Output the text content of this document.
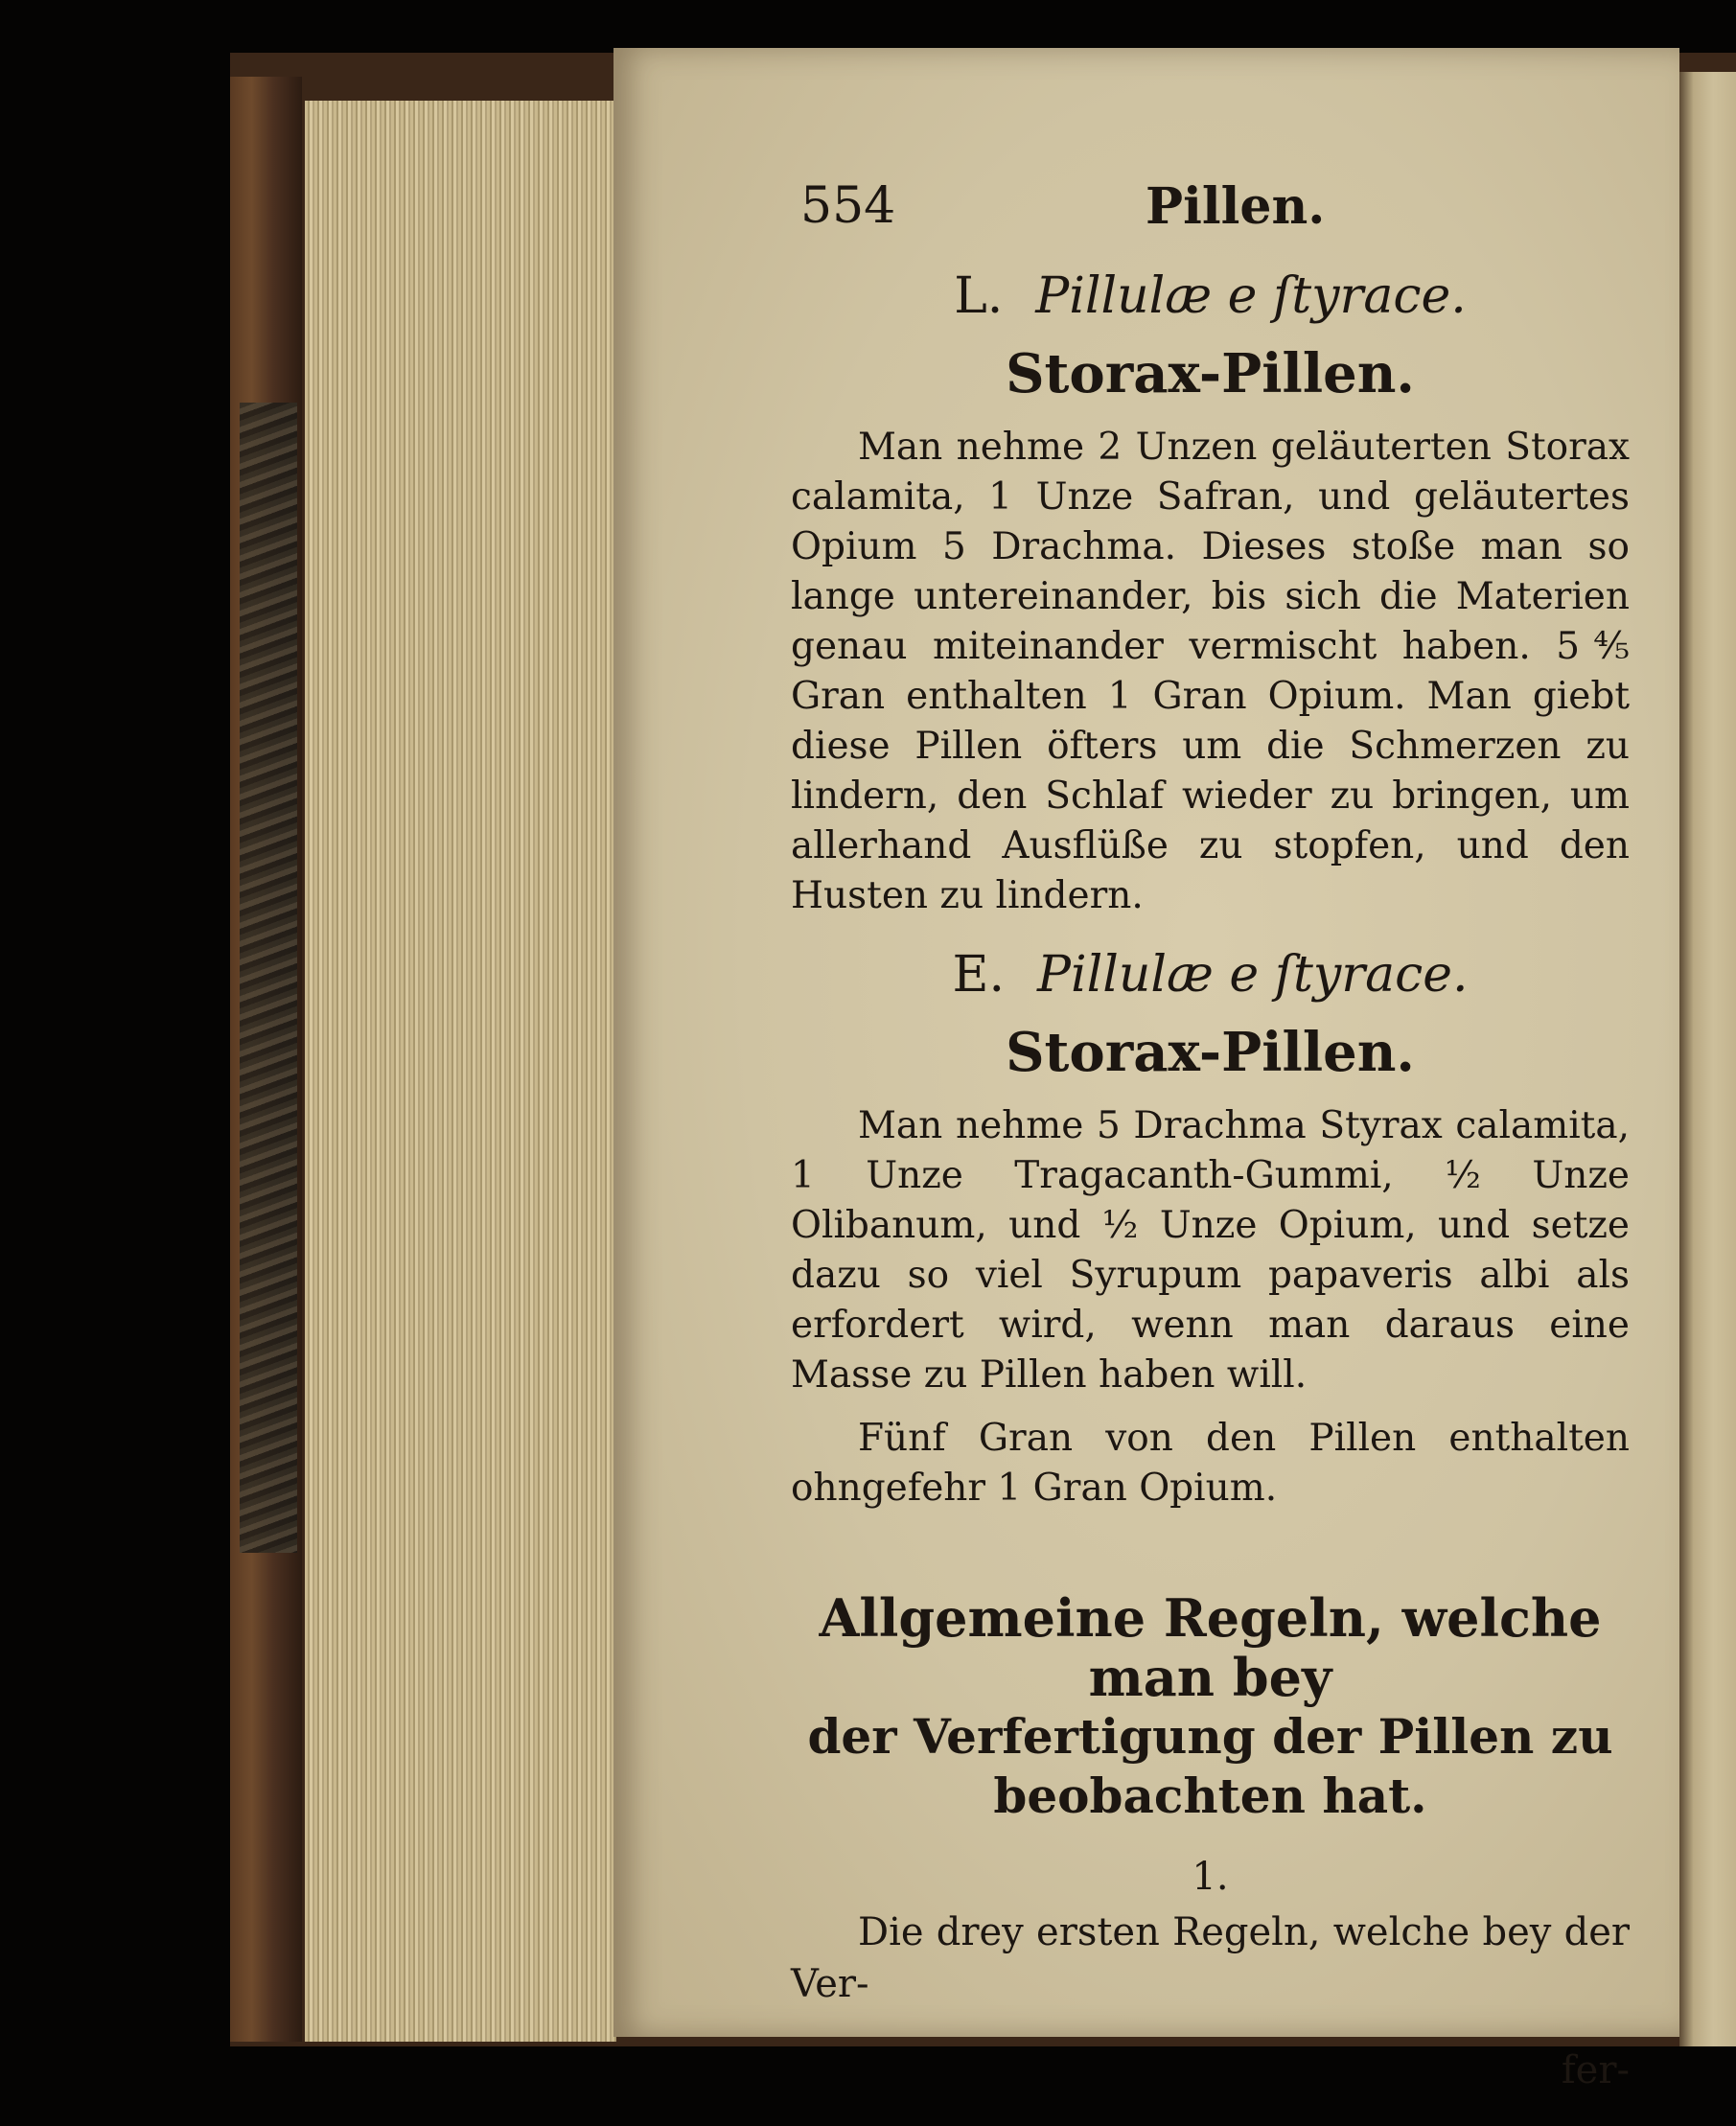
554	Pillen.
L. Pillulæ e ſtyrace.
Storax-Pillen.

Man nehme 2 Unzen geläuterten Storax calamita, 1 Unze Safran, und geläutertes Opium 5 Drachma. Dieses stoße man so lange untereinander, bis sich die Materien genau miteinander vermischt haben. 5⅘ Gran enthalten 1 Gran Opium. Man giebt diese Pillen öfters um die Schmerzen zu lindern, den Schlaf wieder zu bringen, um allerhand Ausflüße zu stopfen, und den Husten zu lindern.

E. Pillulæ e ſtyrace.
Storax-Pillen.

Man nehme 5 Drachma Styrax calamita, 1 Unze Tragacanth-Gummi, ½ Unze Olibanum, und ½ Unze Opium, und setze dazu so viel Syrupum papaveris albi als erfordert wird, wenn man daraus eine Masse zu Pillen haben will.

Fünf Gran von den Pillen enthalten ohngefehr 1 Gran Opium.

Allgemeine Regeln, welche man bey
der Verfertigung der Pillen zu
beobachten hat.
1.

Die drey ersten Regeln, welche bey der Ver-

fer-
